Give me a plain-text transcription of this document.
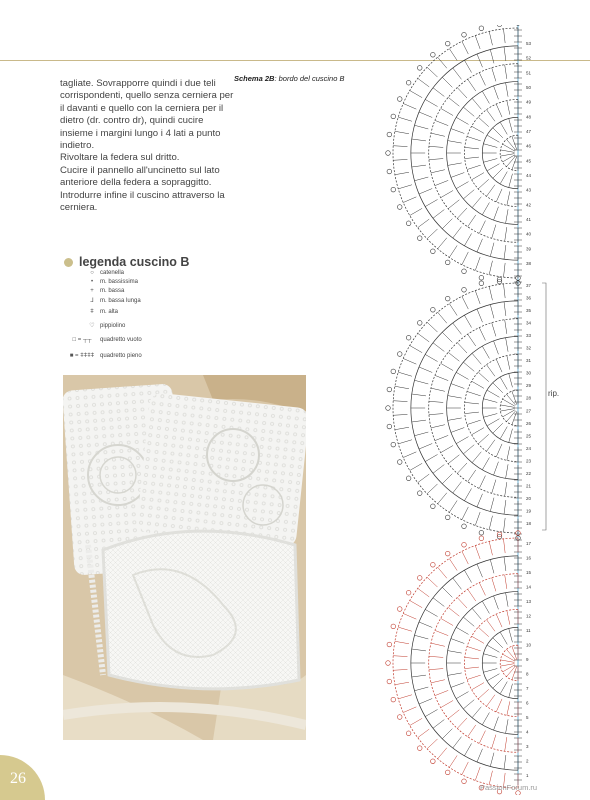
tagliate. Sovrapporre quindi i due teli corrispondenti, quello senza cerniera per il davanti e quello con la cerniera per il dietro (dr. contro dr), quindi cucire insieme i margini lungo i 4 lati a punto indietro.

Rivoltare la federa sul dritto.

Cucire il pannello all'uncinetto sul lato anteriore della federa a sopraggitto.

Introdurre infine il cuscino attraverso la cerniera.

Schema 2B: bordo del cuscino B
legenda cuscino B
○	catenella
•	m. bassissima
+	m. bassa
⅃	m. bassa lunga
ǂ	m. alta
♡ pippiolino
□ = ┬┬	quadretto vuoto
■ = ǂǂǂǂ quadretto pieno
38
39
40
41
42
43
44
45
46
47
48
49
50
51
52
53
18
19
20
21
22
23
24
25
26
27
28
29
30
31
32
33
34
35
36
37
1
2
3
4
5
6
7
8
9
10
11
12
13
14
15
16
17
rip.
26
PassionForum.ru
